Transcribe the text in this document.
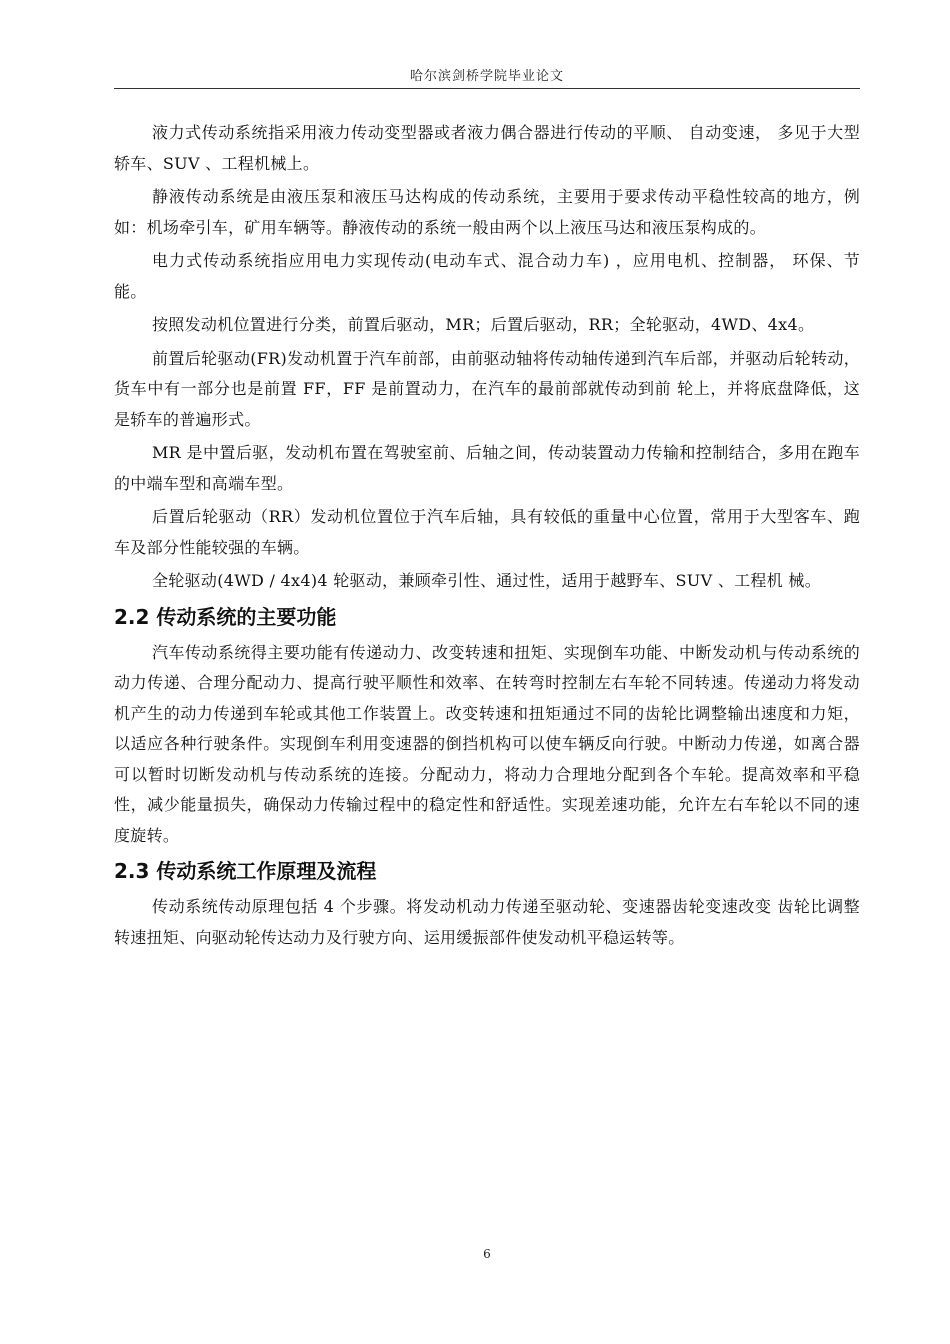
哈尔滨剑桥学院毕业论文

液力式传动系统指采用液力传动变型器或者液力偶合器进行传动的平顺、 自动变速， 多见于大型轿车、SUV 、工程机械上。

静液传动系统是由液压泵和液压马达构成的传动系统，主要用于要求传动平稳性较高的地方，例如：机场牵引车，矿用车辆等。静液传动的系统一般由两个以上液压马达和液压泵构成的。

电力式传动系统指应用电力实现传动(电动车式、混合动力车) ，应用电机、控制器， 环保、节能。

按照发动机位置进行分类，前置后驱动，MR；后置后驱动，RR；全轮驱动，4WD、4x4。

前置后轮驱动(FR)发动机置于汽车前部，由前驱动轴将传动轴传递到汽车后部，并驱动后轮转动，货车中有一部分也是前置 FF，FF 是前置动力，在汽车的最前部就传动到前 轮上，并将底盘降低，这是轿车的普遍形式。

MR 是中置后驱，发动机布置在驾驶室前、后轴之间，传动装置动力传输和控制结合，多用在跑车的中端车型和高端车型。

后置后轮驱动（RR）发动机位置位于汽车后轴，具有较低的重量中心位置，常用于大型客车、跑车及部分性能较强的车辆。

全轮驱动(4WD / 4x4)4 轮驱动，兼顾牵引性、通过性，适用于越野车、SUV 、工程机 械。

2.2 传动系统的主要功能

汽车传动系统得主要功能有传递动力、改变转速和扭矩、实现倒车功能、中断发动机与传动系统的动力传递、合理分配动力、提高行驶平顺性和效率、在转弯时控制左右车轮不同转速。传递动力将发动机产生的动力传递到车轮或其他工作装置上。改变转速和扭矩通过不同的齿轮比调整输出速度和力矩，以适应各种行驶条件。实现倒车利用变速器的倒挡机构可以使车辆反向行驶。中断动力传递，如离合器可以暂时切断发动机与传动系统的连接。分配动力，将动力合理地分配到各个车轮。提高效率和平稳性，减少能量损失，确保动力传输过程中的稳定性和舒适性。实现差速功能，允许左右车轮以不同的速度旋转。

2.3 传动系统工作原理及流程

传动系统传动原理包括 4 个步骤。将发动机动力传递至驱动轮、变速器齿轮变速改变 齿轮比调整转速扭矩、向驱动轮传达动力及行驶方向、运用缓振部件使发动机平稳运转等。

6
